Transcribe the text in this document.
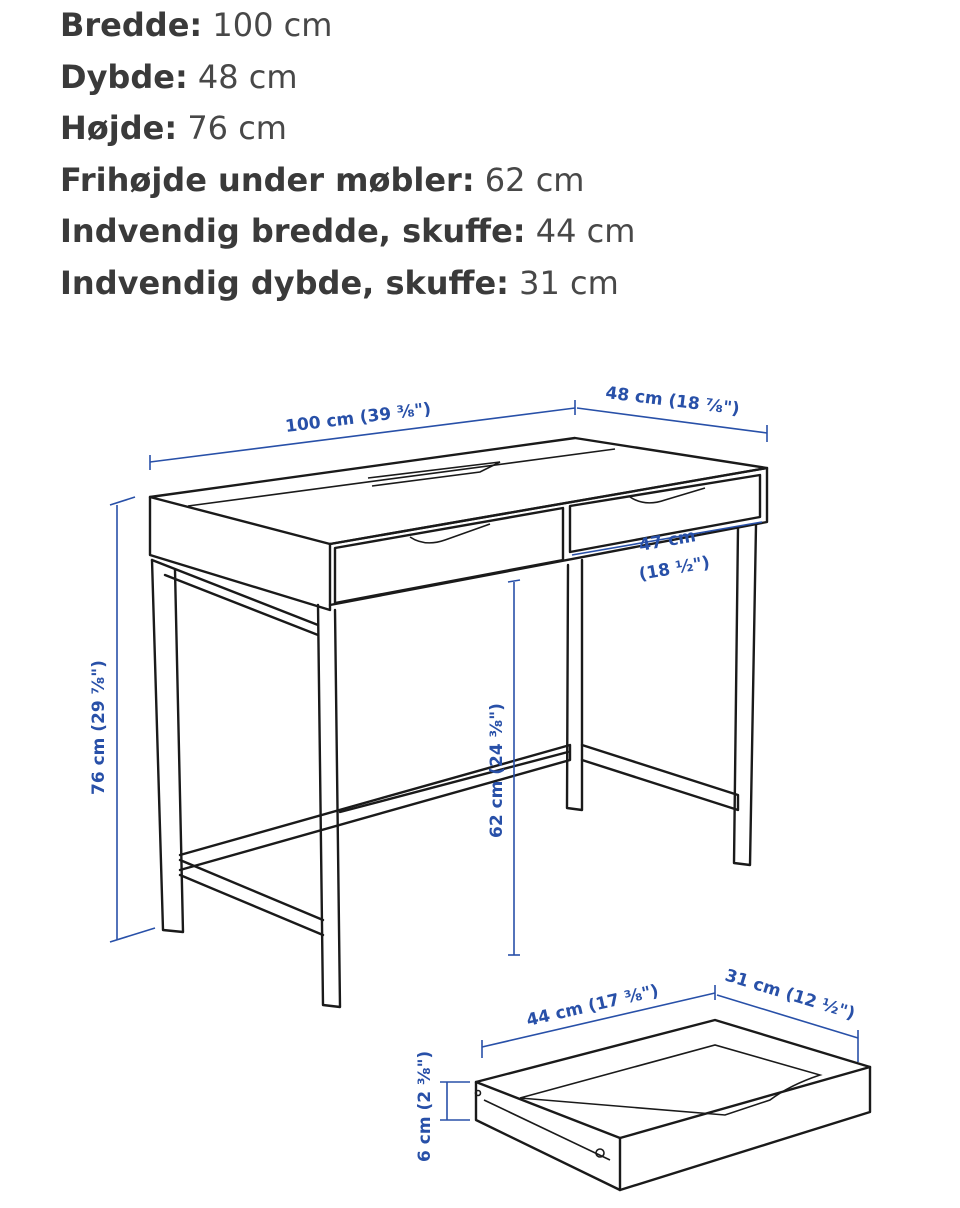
Bredde: 100 cm
Dybde: 48 cm
Højde: 76 cm
Frihøjde under møbler: 62 cm
Indvendig bredde, skuffe: 44 cm
Indvendig dybde, skuffe: 31 cm
100 cm (39 ⅜")	48 cm (18 ⅞")
76 cm (29 ⅞")	62 cm (24 ⅜")
47 cm
(18 ½")
44 cm (17 ⅜")	31 cm (12 ½")
6 cm (2 ⅜")
